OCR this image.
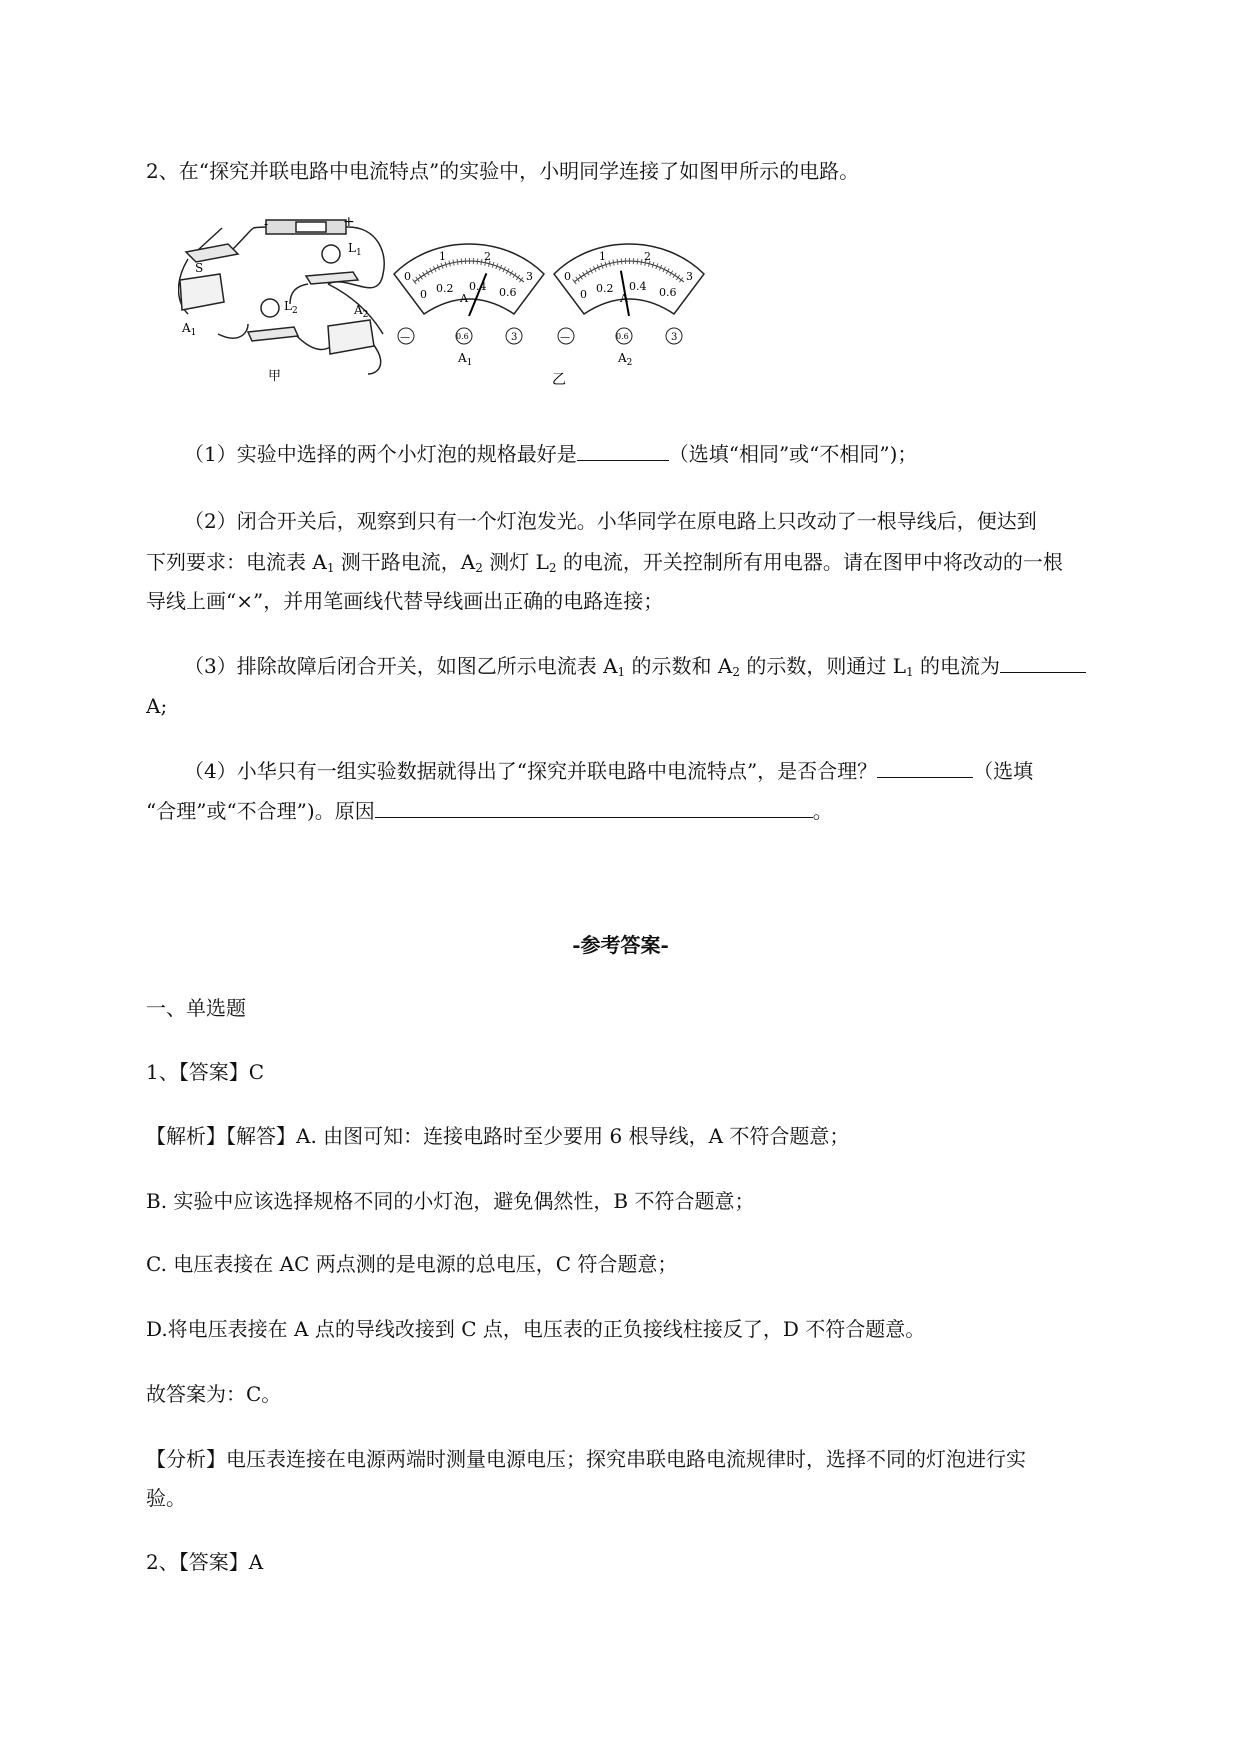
2、在“探究并联电路中电流特点”的实验中，小明同学连接了如图甲所示的电路。
S
-	+
$L_1$
$L_2$
$A_1$
$A_2$
甲
0
1	2
3
0 0.2 0.4 0.6
A
—	0.6	3
$A_1$
乙
0
1	2
3
0 0.2 0.4 0.6
A
—	0.6	3
$A_2$
（1）实验中选择的两个小灯泡的规格最好是	（选填“相同”或“不相同”)；
（2）闭合开关后，观察到只有一个灯泡发光。小华同学在原电路上只改动了一根导线后，便达到
下列要求：电流表 $A_1$ 测干路电流，$A_2$ 测灯 $L_2$ 的电流，开关控制所有用电器。请在图甲中将改动的一根
导线上画“×”，并用笔画线代替导线画出正确的电路连接；
（3）排除故障后闭合开关，如图乙所示电流表 $A_1$ 的示数和 $A_2$ 的示数，则通过 $L_1$ 的电流为
A;
（4）小华只有一组实验数据就得出了“探究并联电路中电流特点”，是否合理？	（选填
“合理”或“不合理”)。原因	。
-参考答案-
一、单选题
1、【答案】C
【解析】【解答】A. 由图可知：连接电路时至少要用 6 根导线，A 不符合题意；
B. 实验中应该选择规格不同的小灯泡，避免偶然性，B 不符合题意；
C. 电压表接在 AC 两点测的是电源的总电压，C 符合题意；
D.将电压表接在 A 点的导线改接到 C 点，电压表的正负接线柱接反了，D 不符合题意。
故答案为：C。
【分析】电压表连接在电源两端时测量电源电压；探究串联电路电流规律时，选择不同的灯泡进行实
验。
2、【答案】A
